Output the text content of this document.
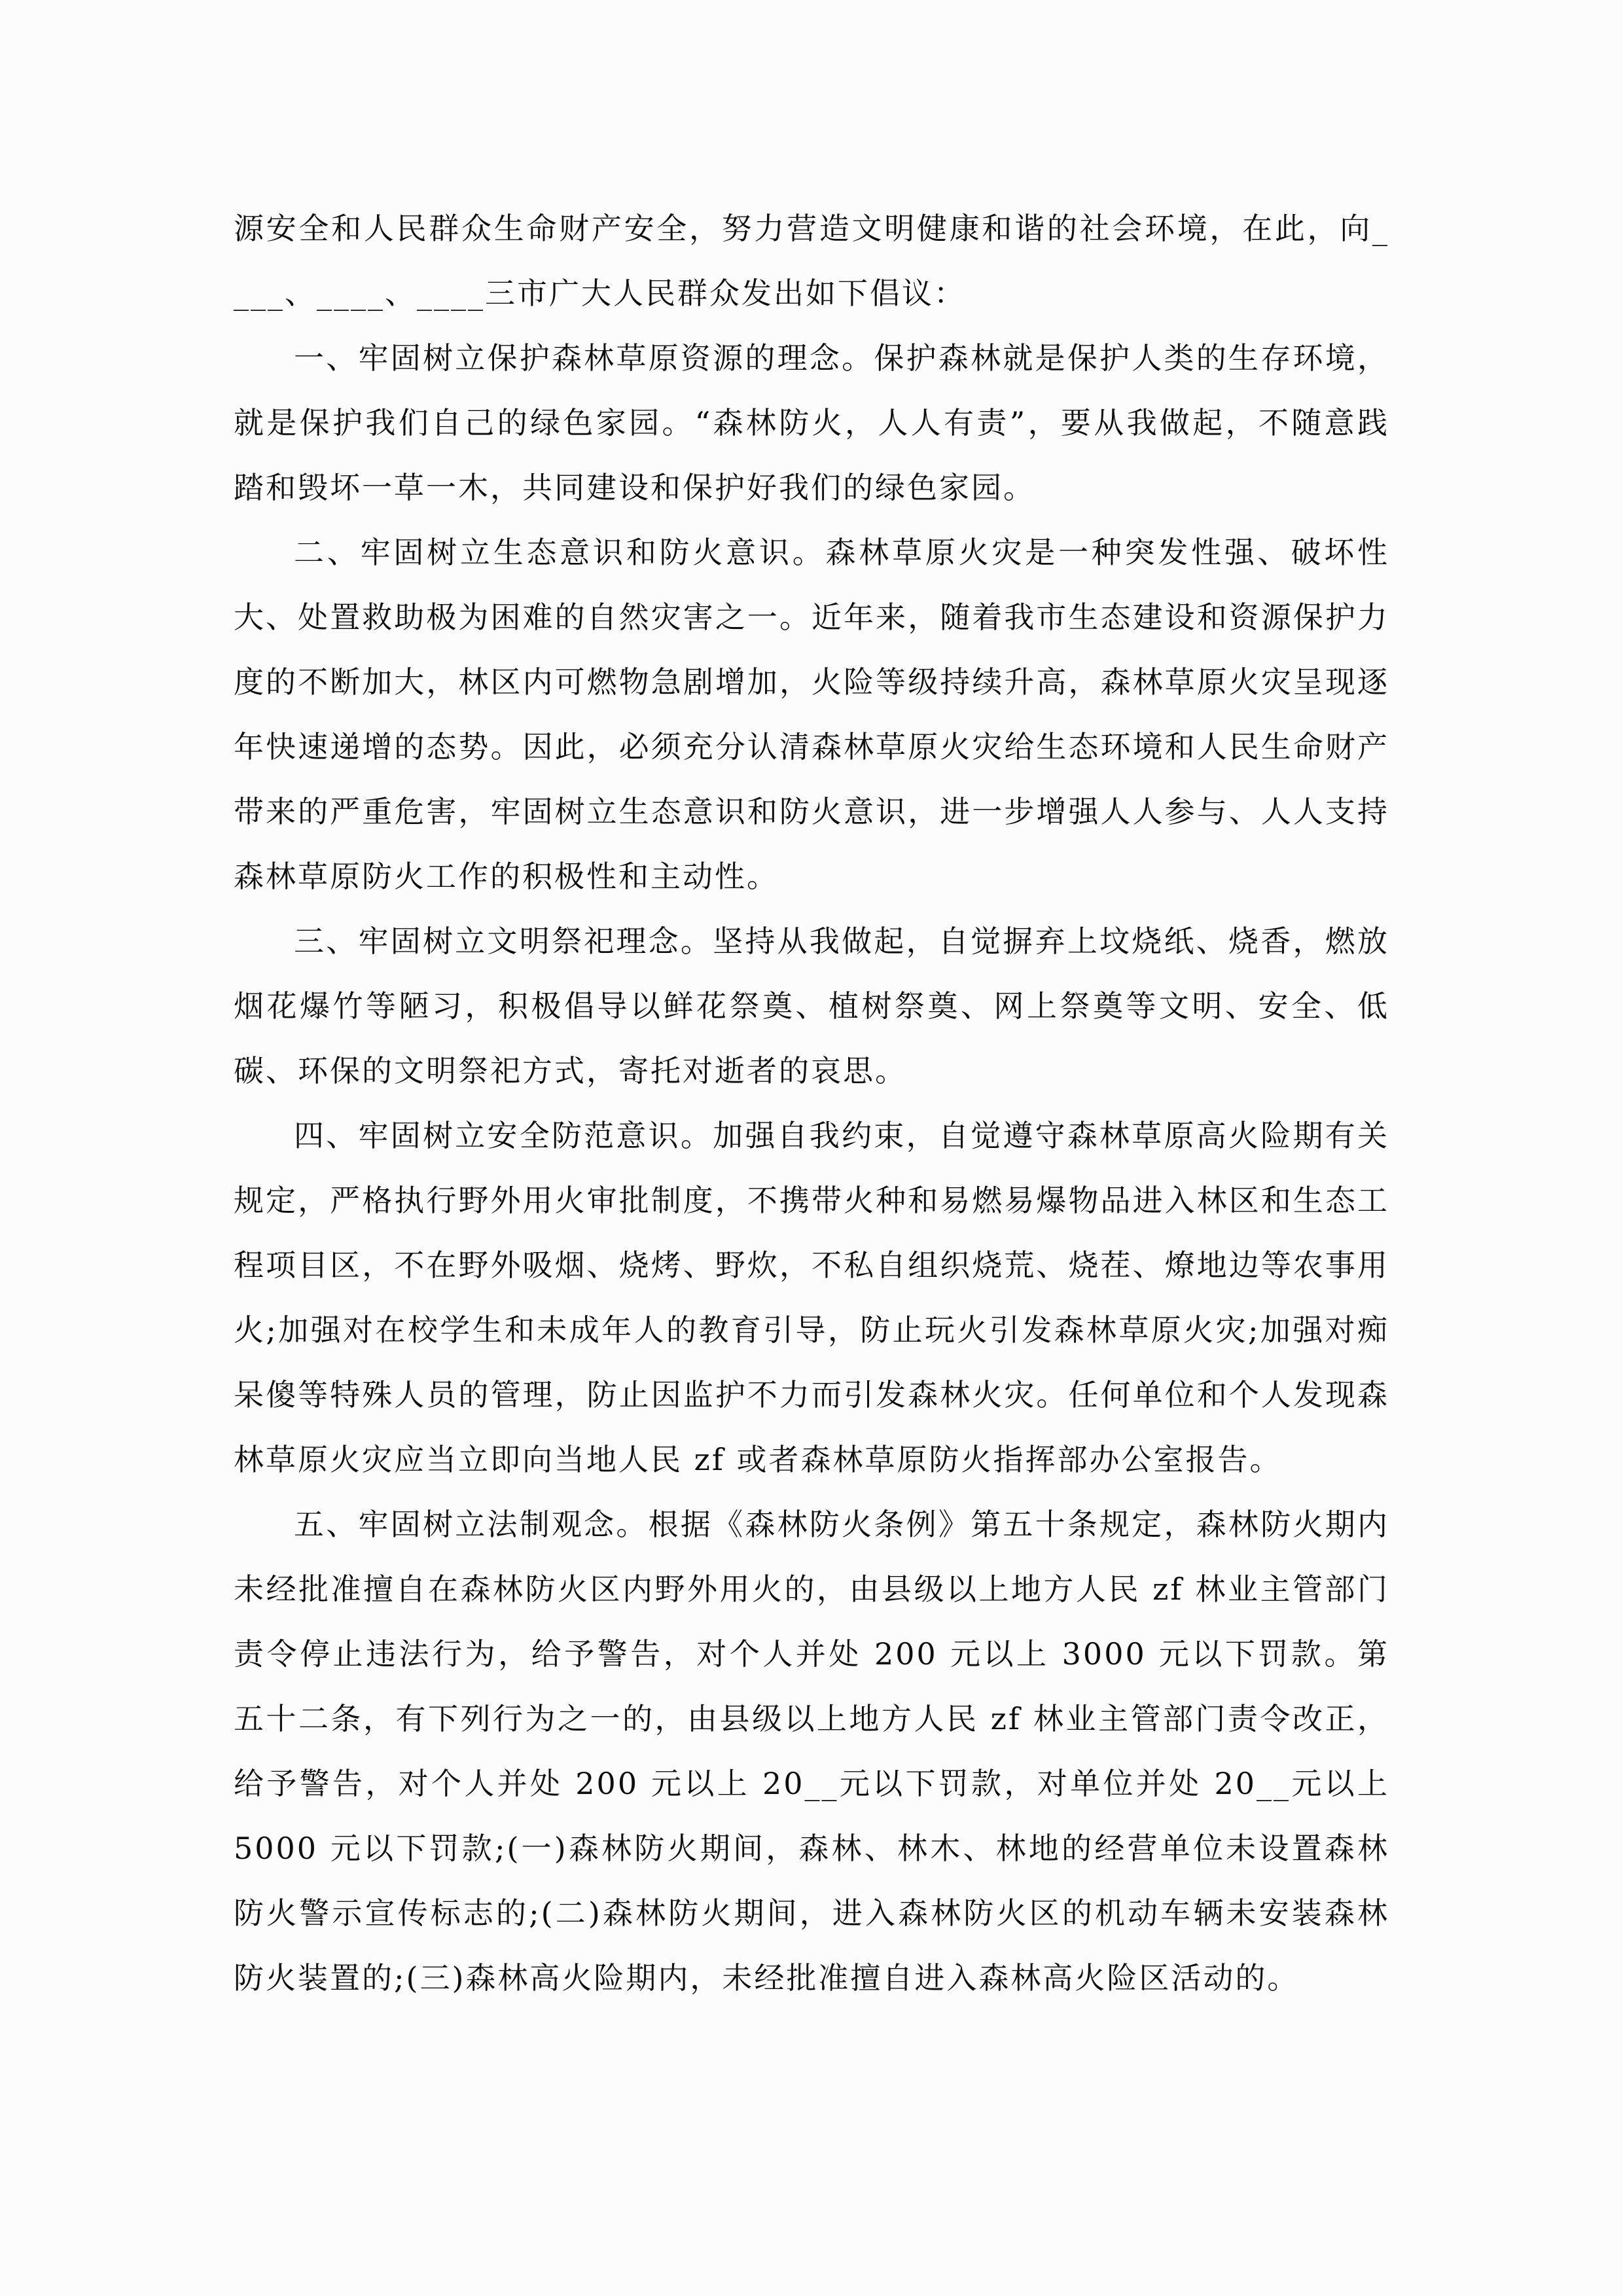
源安全和人民群众生命财产安全，努力营造文明健康和谐的社会环境，在此，向____、____、____三市广大人民群众发出如下倡议：

一、牢固树立保护森林草原资源的理念。保护森林就是保护人类的生存环境，就是保护我们自己的绿色家园。“森林防火，人人有责”，要从我做起，不随意践踏和毁坏一草一木，共同建设和保护好我们的绿色家园。

二、牢固树立生态意识和防火意识。森林草原火灾是一种突发性强、破坏性大、处置救助极为困难的自然灾害之一。近年来，随着我市生态建设和资源保护力度的不断加大，林区内可燃物急剧增加，火险等级持续升高，森林草原火灾呈现逐年快速递增的态势。因此，必须充分认清森林草原火灾给生态环境和人民生命财产带来的严重危害，牢固树立生态意识和防火意识，进一步增强人人参与、人人支持森林草原防火工作的积极性和主动性。

三、牢固树立文明祭祀理念。坚持从我做起，自觉摒弃上坟烧纸、烧香，燃放烟花爆竹等陋习，积极倡导以鲜花祭奠、植树祭奠、网上祭奠等文明、安全、低碳、环保的文明祭祀方式，寄托对逝者的哀思。

四、牢固树立安全防范意识。加强自我约束，自觉遵守森林草原高火险期有关规定，严格执行野外用火审批制度，不携带火种和易燃易爆物品进入林区和生态工程项目区，不在野外吸烟、烧烤、野炊，不私自组织烧荒、烧茬、燎地边等农事用火;加强对在校学生和未成年人的教育引导，防止玩火引发森林草原火灾;加强对痴呆傻等特殊人员的管理，防止因监护不力而引发森林火灾。任何单位和个人发现森林草原火灾应当立即向当地人民 zf 或者森林草原防火指挥部办公室报告。

五、牢固树立法制观念。根据《森林防火条例》第五十条规定，森林防火期内未经批准擅自在森林防火区内野外用火的，由县级以上地方人民 zf 林业主管部门责令停止违法行为，给予警告，对个人并处 200 元以上 3000 元以下罚款。第五十二条，有下列行为之一的，由县级以上地方人民 zf 林业主管部门责令改正，给予警告，对个人并处 200 元以上 20__元以下罚款，对单位并处 20__元以上 5000 元以下罚款;(一)森林防火期间，森林、林木、林地的经营单位未设置森林防火警示宣传标志的;(二)森林防火期间，进入森林防火区的机动车辆未安装森林防火装置的;(三)森林高火险期内，未经批准擅自进入森林高火险区活动的。
